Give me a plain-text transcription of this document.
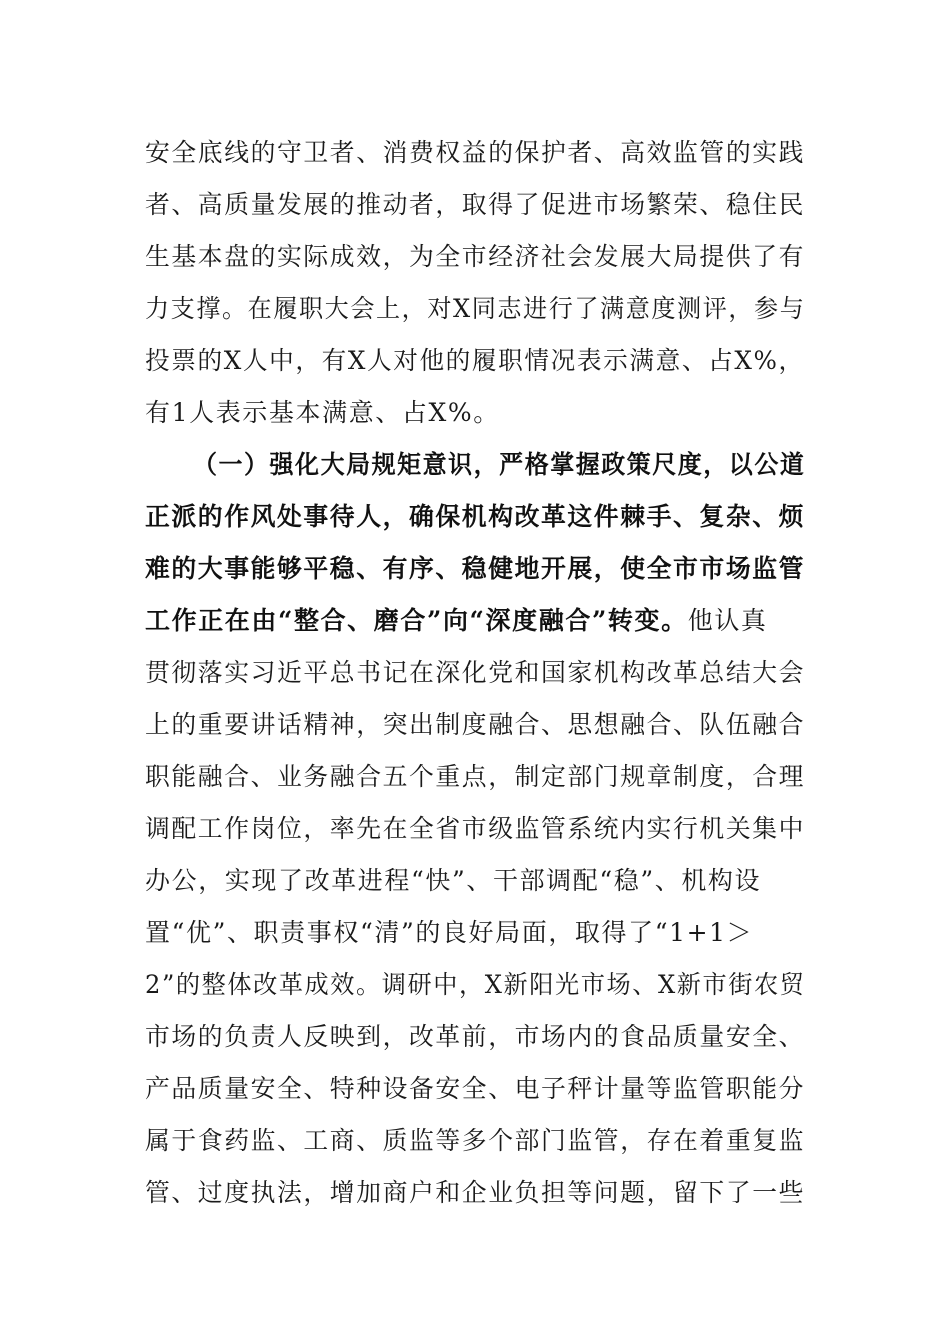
安全底线的守卫者、消费权益的保护者、高效监管的实践
者、高质量发展的推动者，取得了促进市场繁荣、稳住民
生基本盘的实际成效，为全市经济社会发展大局提供了有
力支撑。在履职大会上，对X同志进行了满意度测评，参与
投票的X人中，有X人对他的履职情况表示满意、占X%，
有1人表示基本满意、占X%。
（一）强化大局规矩意识，严格掌握政策尺度，以公道
正派的作风处事待人，确保机构改革这件棘手、复杂、烦
难的大事能够平稳、有序、稳健地开展，使全市市场监管
工作正在由“整合、磨合”向“深度融合”转变。他认真
贯彻落实习近平总书记在深化党和国家机构改革总结大会
上的重要讲话精神，突出制度融合、思想融合、队伍融合
职能融合、业务融合五个重点，制定部门规章制度，合理
调配工作岗位，率先在全省市级监管系统内实行机关集中
办公，实现了改革进程“快”、干部调配“稳”、机构设
置“优”、职责事权“清”的良好局面，取得了“1+1＞
2”的整体改革成效。调研中，X新阳光市场、X新市街农贸
市场的负责人反映到，改革前，市场内的食品质量安全、
产品质量安全、特种设备安全、电子秤计量等监管职能分
属于食药监、工商、质监等多个部门监管，存在着重复监
管、过度执法，增加商户和企业负担等问题，留下了一些
